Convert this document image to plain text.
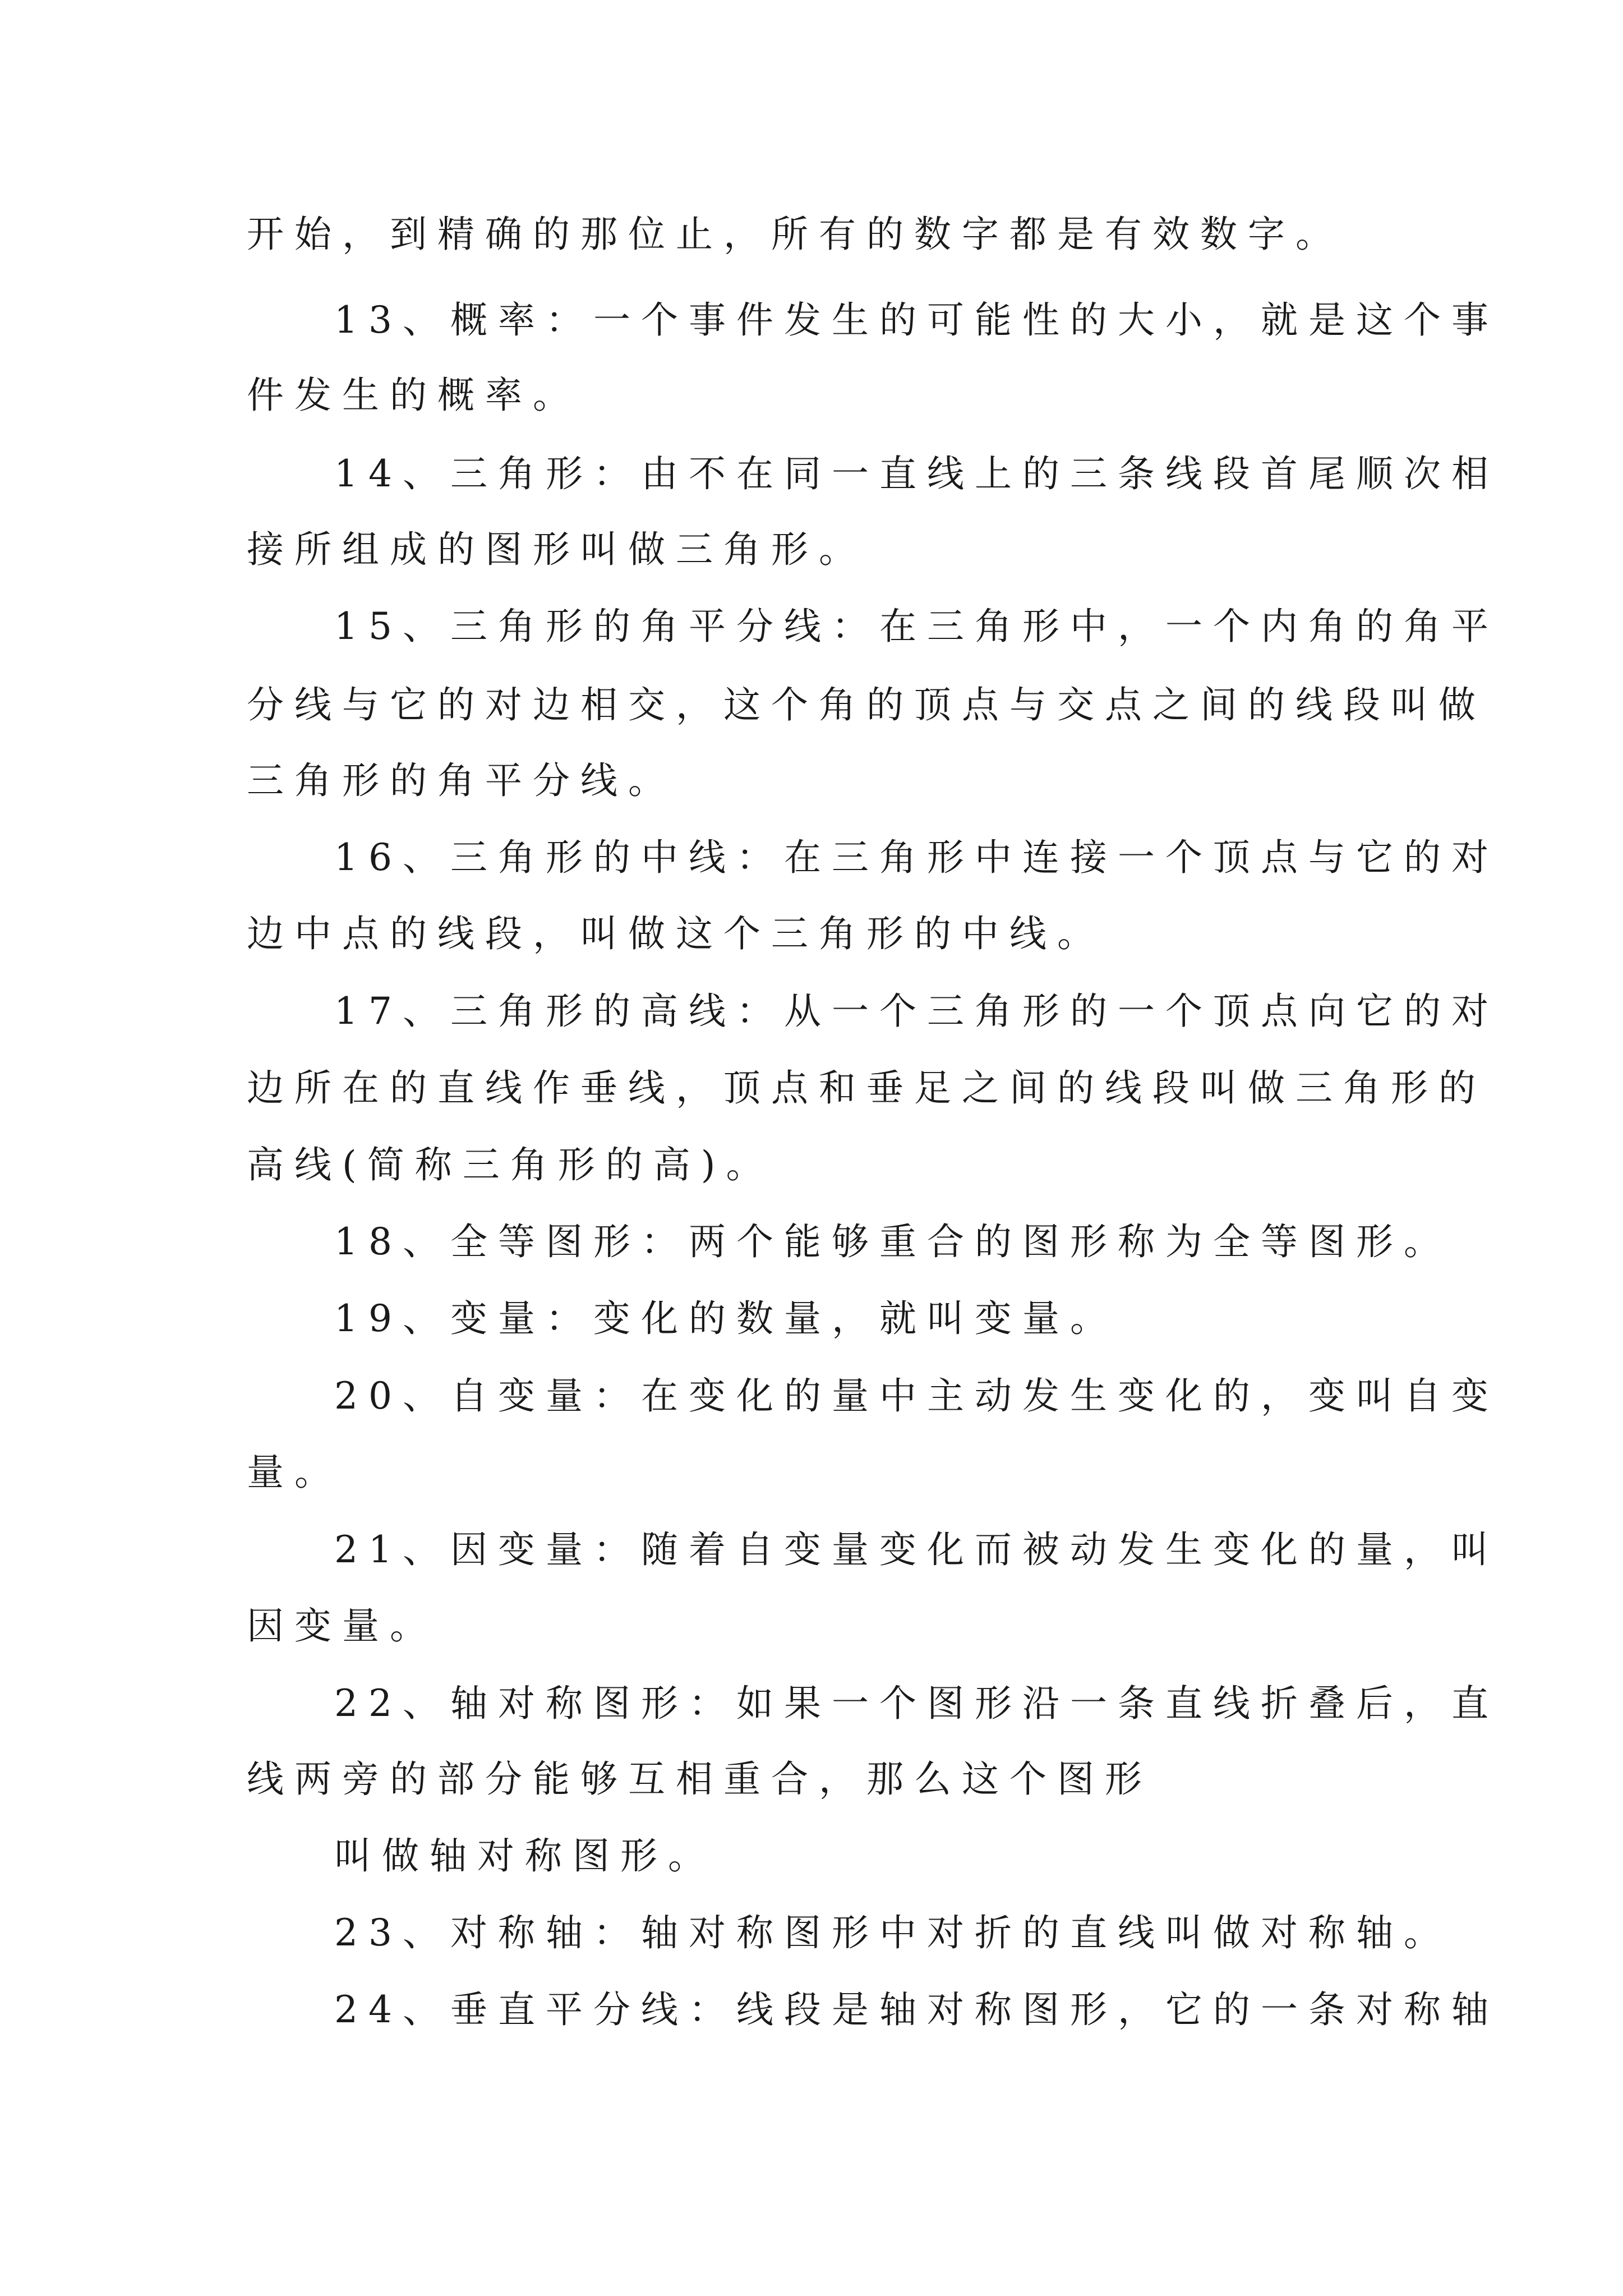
开始，到精确的那位止，所有的数字都是有效数字。

13、概率：一个事件发生的可能性的大小，就是这个事

件发生的概率。

14、三角形：由不在同一直线上的三条线段首尾顺次相

接所组成的图形叫做三角形。

15、三角形的角平分线：在三角形中，一个内角的角平

分线与它的对边相交，这个角的顶点与交点之间的线段叫做

三角形的角平分线。

16、三角形的中线：在三角形中连接一个顶点与它的对

边中点的线段，叫做这个三角形的中线。

17、三角形的高线：从一个三角形的一个顶点向它的对

边所在的直线作垂线，顶点和垂足之间的线段叫做三角形的

高线(简称三角形的高)。

18、全等图形：两个能够重合的图形称为全等图形。

19、变量：变化的数量，就叫变量。

20、自变量：在变化的量中主动发生变化的，变叫自变

量。

21、因变量：随着自变量变化而被动发生变化的量，叫

因变量。

22、轴对称图形：如果一个图形沿一条直线折叠后，直

线两旁的部分能够互相重合，那么这个图形

叫做轴对称图形。

23、对称轴：轴对称图形中对折的直线叫做对称轴。

24、垂直平分线：线段是轴对称图形，它的一条对称轴
